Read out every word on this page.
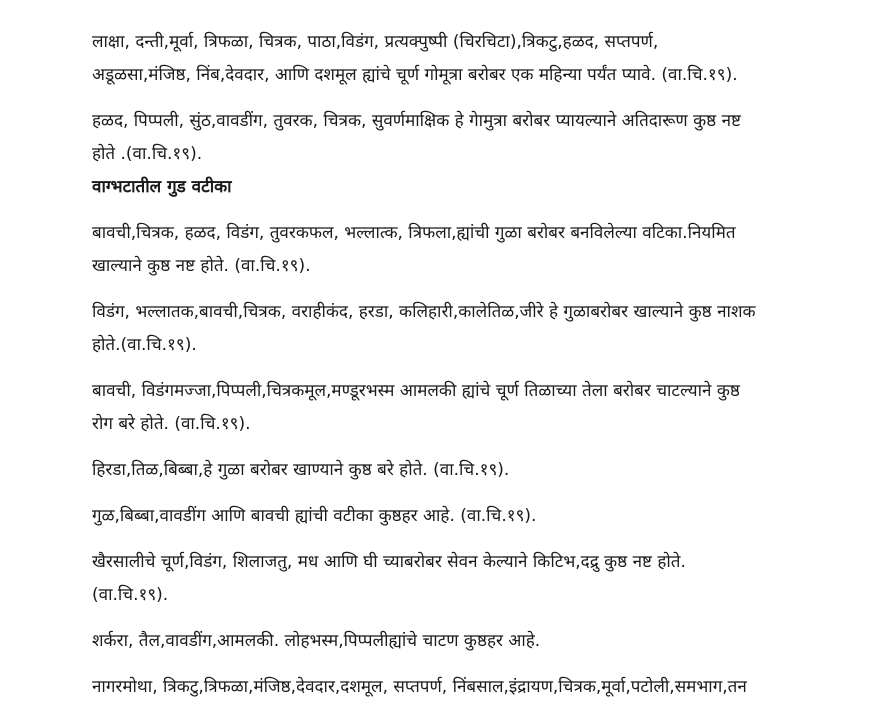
लाक्षा, दन्ती,मूर्वा, त्रिफळा, चित्रक, पाठा,विडंग, प्रत्यक्पुष्पी (चिरचिटा),त्रिकटु,हळद, सप्तपर्ण,
अडूळसा,मंजिष्ठ, निंब,देवदार, आणि दशमूल ह्यांचे चूर्ण गोमूत्रा बरोबर एक महिन्या पर्यंत प्यावे. (वा.चि.१९).
हळद, पिप्पली, सुंठ,वावडींग, तुवरक, चित्रक, सुवर्णमाक्षिक हे गेामुत्रा बरोबर प्यायल्याने अतिदारूण कुष्ठ नष्ट
होते .(वा.चि.१९).
वाग्भटातील गुड वटीका
बावची,चित्रक, हळद, विडंग, तुवरकफल, भल्लात्क, त्रिफला,ह्यांची गुळा बरोबर बनविलेल्या वटिका.नियमित
खाल्याने कुष्ठ नष्ट होते. (वा.चि.१९).
विडंग, भल्लातक,बावची,चित्रक, वराहीकंद, हरडा, कलिहारी,कालेतिळ,जीरे हे गुळाबरोबर खाल्याने कुष्ठ नाशक
होते.(वा.चि.१९).
बावची, विडंगमज्जा,पिप्पली,चित्रकमूल,मण्डूरभस्म आमलकी ह्यांचे चूर्ण तिळाच्या तेला बरोबर चाटल्याने कुष्ठ
रोग बरे होते. (वा.चि.१९).
हिरडा,तिळ,बिब्बा,हे गुळा बरोबर खाण्याने कुष्ठ बरे होते. (वा.चि.१९).
गुळ,बिब्बा,वावडींग आणि बावची ह्यांची वटीका कुष्ठहर आहे. (वा.चि.१९).
खैरसालीचे चूर्ण,विडंग, शिलाजतु, मध आणि घी च्याबरोबर सेवन केल्याने किटिभ,दद्रु कुष्ठ नष्ट होते.
(वा.चि.१९).
शर्करा, तैल,वावडींग,आमलकी. लोहभस्म,पिप्पलीह्यांचे चाटण कुष्ठहर आहे.
नागरमोथा, त्रिकटु,त्रिफळा,मंजिष्ठ,देवदार,दशमूल, सप्तपर्ण, निंबसाल,इंद्रायण,चित्रक,मूर्वा,पटोली,समभाग,तन
